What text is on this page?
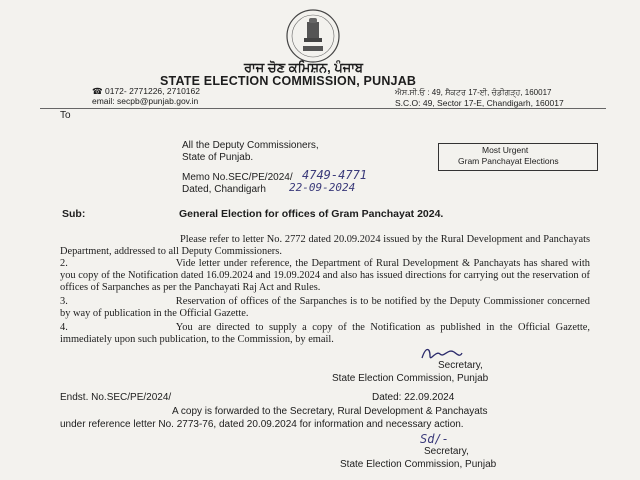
ਰਾਜ ਚੋਣ ਕਮਿਸ਼ਨ, ਪੰਜਾਬ
STATE ELECTION COMMISSION, PUNJAB
☎ 0172- 2771226, 2710162
email: secpb@punjab.gov.in
ਐਸ.ਸੀ.ਓ : 49, ਸੈਕਟਰ 17-ਈ, ਚੰਡੀਗੜ੍ਹ, 160017
S.C.O: 49, Sector 17-E, Chandigarh, 160017
To
All the Deputy Commissioners,
State of Punjab.
Most Urgent
Gram Panchayat Elections
Memo No.SEC/PE/2024/ 4749-4771
Dated, Chandigarh 22-09-2024
Sub:	General Election for offices of Gram Panchayat 2024.
Please refer to letter No. 2772 dated 20.09.2024 issued by the Rural Development and Panchayats Department, addressed to all Deputy Commissioners.
2.	Vide letter under reference, the Department of Rural Development & Panchayats has shared with you copy of the Notification dated 16.09.2024 and 19.09.2024 and also has issued directions for carrying out the reservation of offices of Sarpanches as per the Panchayati Raj Act and Rules.
3.	Reservation of offices of the Sarpanches is to be notified by the Deputy Commissioner concerned by way of publication in the Official Gazette.
4.	You are directed to supply a copy of the Notification as published in the Official Gazette, immediately upon such publication, to the Commission, by email.
Secretary,
State Election Commission, Punjab
Endst. No.SEC/PE/2024/	Dated: 22.09.2024
A copy is forwarded to the Secretary, Rural Development & Panchayats
under reference letter No. 2773-76, dated 20.09.2024 for information and necessary action.
Sd/-
Secretary,
State Election Commission, Punjab
